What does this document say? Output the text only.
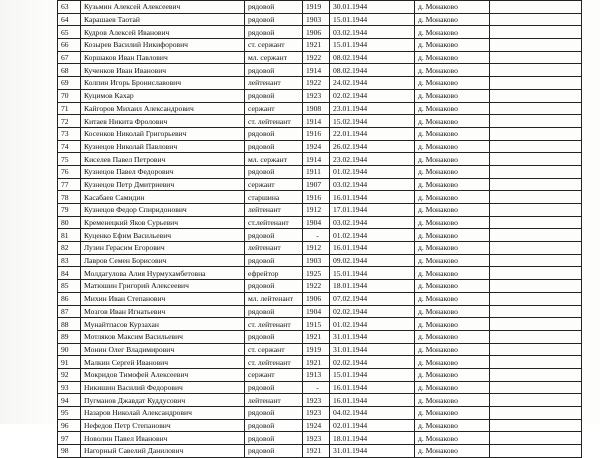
63	Кузьмин Алексей Алексеевич	рядовой	1919	30.01.1944	д. Монаково	
64	Карашаев Таотай	рядовой	1903	15.01.1944	д. Монаково	
65	Кудров Алексей Иванович	рядовой	1906	03.02.1944	д. Монаково	
66	Козырев Василий Никифорович	ст. сержант	1921	15.01.1944	д. Монаково	
67	Коршаков Иван Павлович	мл. сержант	1922	08.02.1944	д. Монаково	
68	Кученков Иван Иванович	рядовой	1914	08.02.1944	д. Монаково	
69	Колпин Игорь Брониславович	лейтенант	1922	24.02.1944	д. Монаково	
70	Куцимов Кахар	рядовой	1923	02.02.1944	д. Монаково	
71	Кайгоров Михаил Александрович	сержант	1908	23.01.1944	д. Монаково	
72	Китаев Никита Фролович	ст. лейтенант	1914	15.02.1944	д. Монаково	
73	Косенков Николай Григорьевич	рядовой	1916	22.01.1944	д. Монаково	
74	Кузнецов Николай Павлович	рядовой	1924	26.02.1944	д. Монаково	
75	Киселев Павел Петрович	мл. сержант	1914	23.02.1944	д. Монаково	
76	Кузнецов Павел Федорович	рядовой	1911	01.02.1944	д. Монаково	
77	Кузнецов Петр Дмитриевич	сержант	1907	03.02.1944	д. Монаково	
78	Касабаев Самидин	старшина	1916	16.01.1944	д. Монаково	
79	Кузнецов Федор Спиридонович	лейтенант	1912	17.01.1944	д. Монаково	
80	Кременецкий Яков Сурьевич	ст.лейтенант	1904	03.02.1944	д. Монаково	
81	Куценко Ефим Васильевич	рядовой	-	01.02.1944	д. Монаково	
82	Лузин Герасим Егорович	лейтенант	1912	16.01.1944	д. Монаково	
83	Лавров Семен Борисович	рядовой	1903	09.02.1944	д. Монаково	
84	Молдагулова Алия Нурмухамбетовна	ефрейтор	1925	15.01.1944	д. Монаково	
85	Матюшин Григорий Алексеевич	рядовой	1922	18.01.1944	д. Монаково	
86	Михин Иван Степанович	мл. лейтенант	1906	07.02.1944	д. Монаково	
87	Мозгов Иван Игнатьевич	рядовой	1904	02.02.1944	д. Монаково	
88	Мунайтпасов Курзахан	ст. лейтенант	1915	01.02.1944	д. Монаково	
89	Мотляков Максим Васильевич	рядовой	1921	31.01.1944	д. Монаково	
90	Монин Олег Владимирович	ст. сержант	1919	31.01.1944	д. Монаково	
91	Малкин Сергей Иванович	ст. лейтенант	1921	02.02.1944	д. Монаково	
92	Мокридов Тимофей Алексеевич	сержант	1913	15.01.1944	д. Монаково	
93	Никишин Василий Федорович	рядовой	-	16.01.1944	д. Монаково	
94	Пугманов Джавдат Куддусович	лейтенант	1923	16.01.1944	д. Монаково	
95	Назаров Николай Александрович	рядовой	1923	04.02.1944	д. Монаково	
96	Нефедов Петр Степанович	рядовой	1924	02.01.1944	д. Монаково	
97	Новолин Павел Иванович	рядовой	1923	18.01.1944	д. Монаково	
98	Нагорный Савелий Данилович	рядовой	1921	31.01.1944	д. Монаково	
